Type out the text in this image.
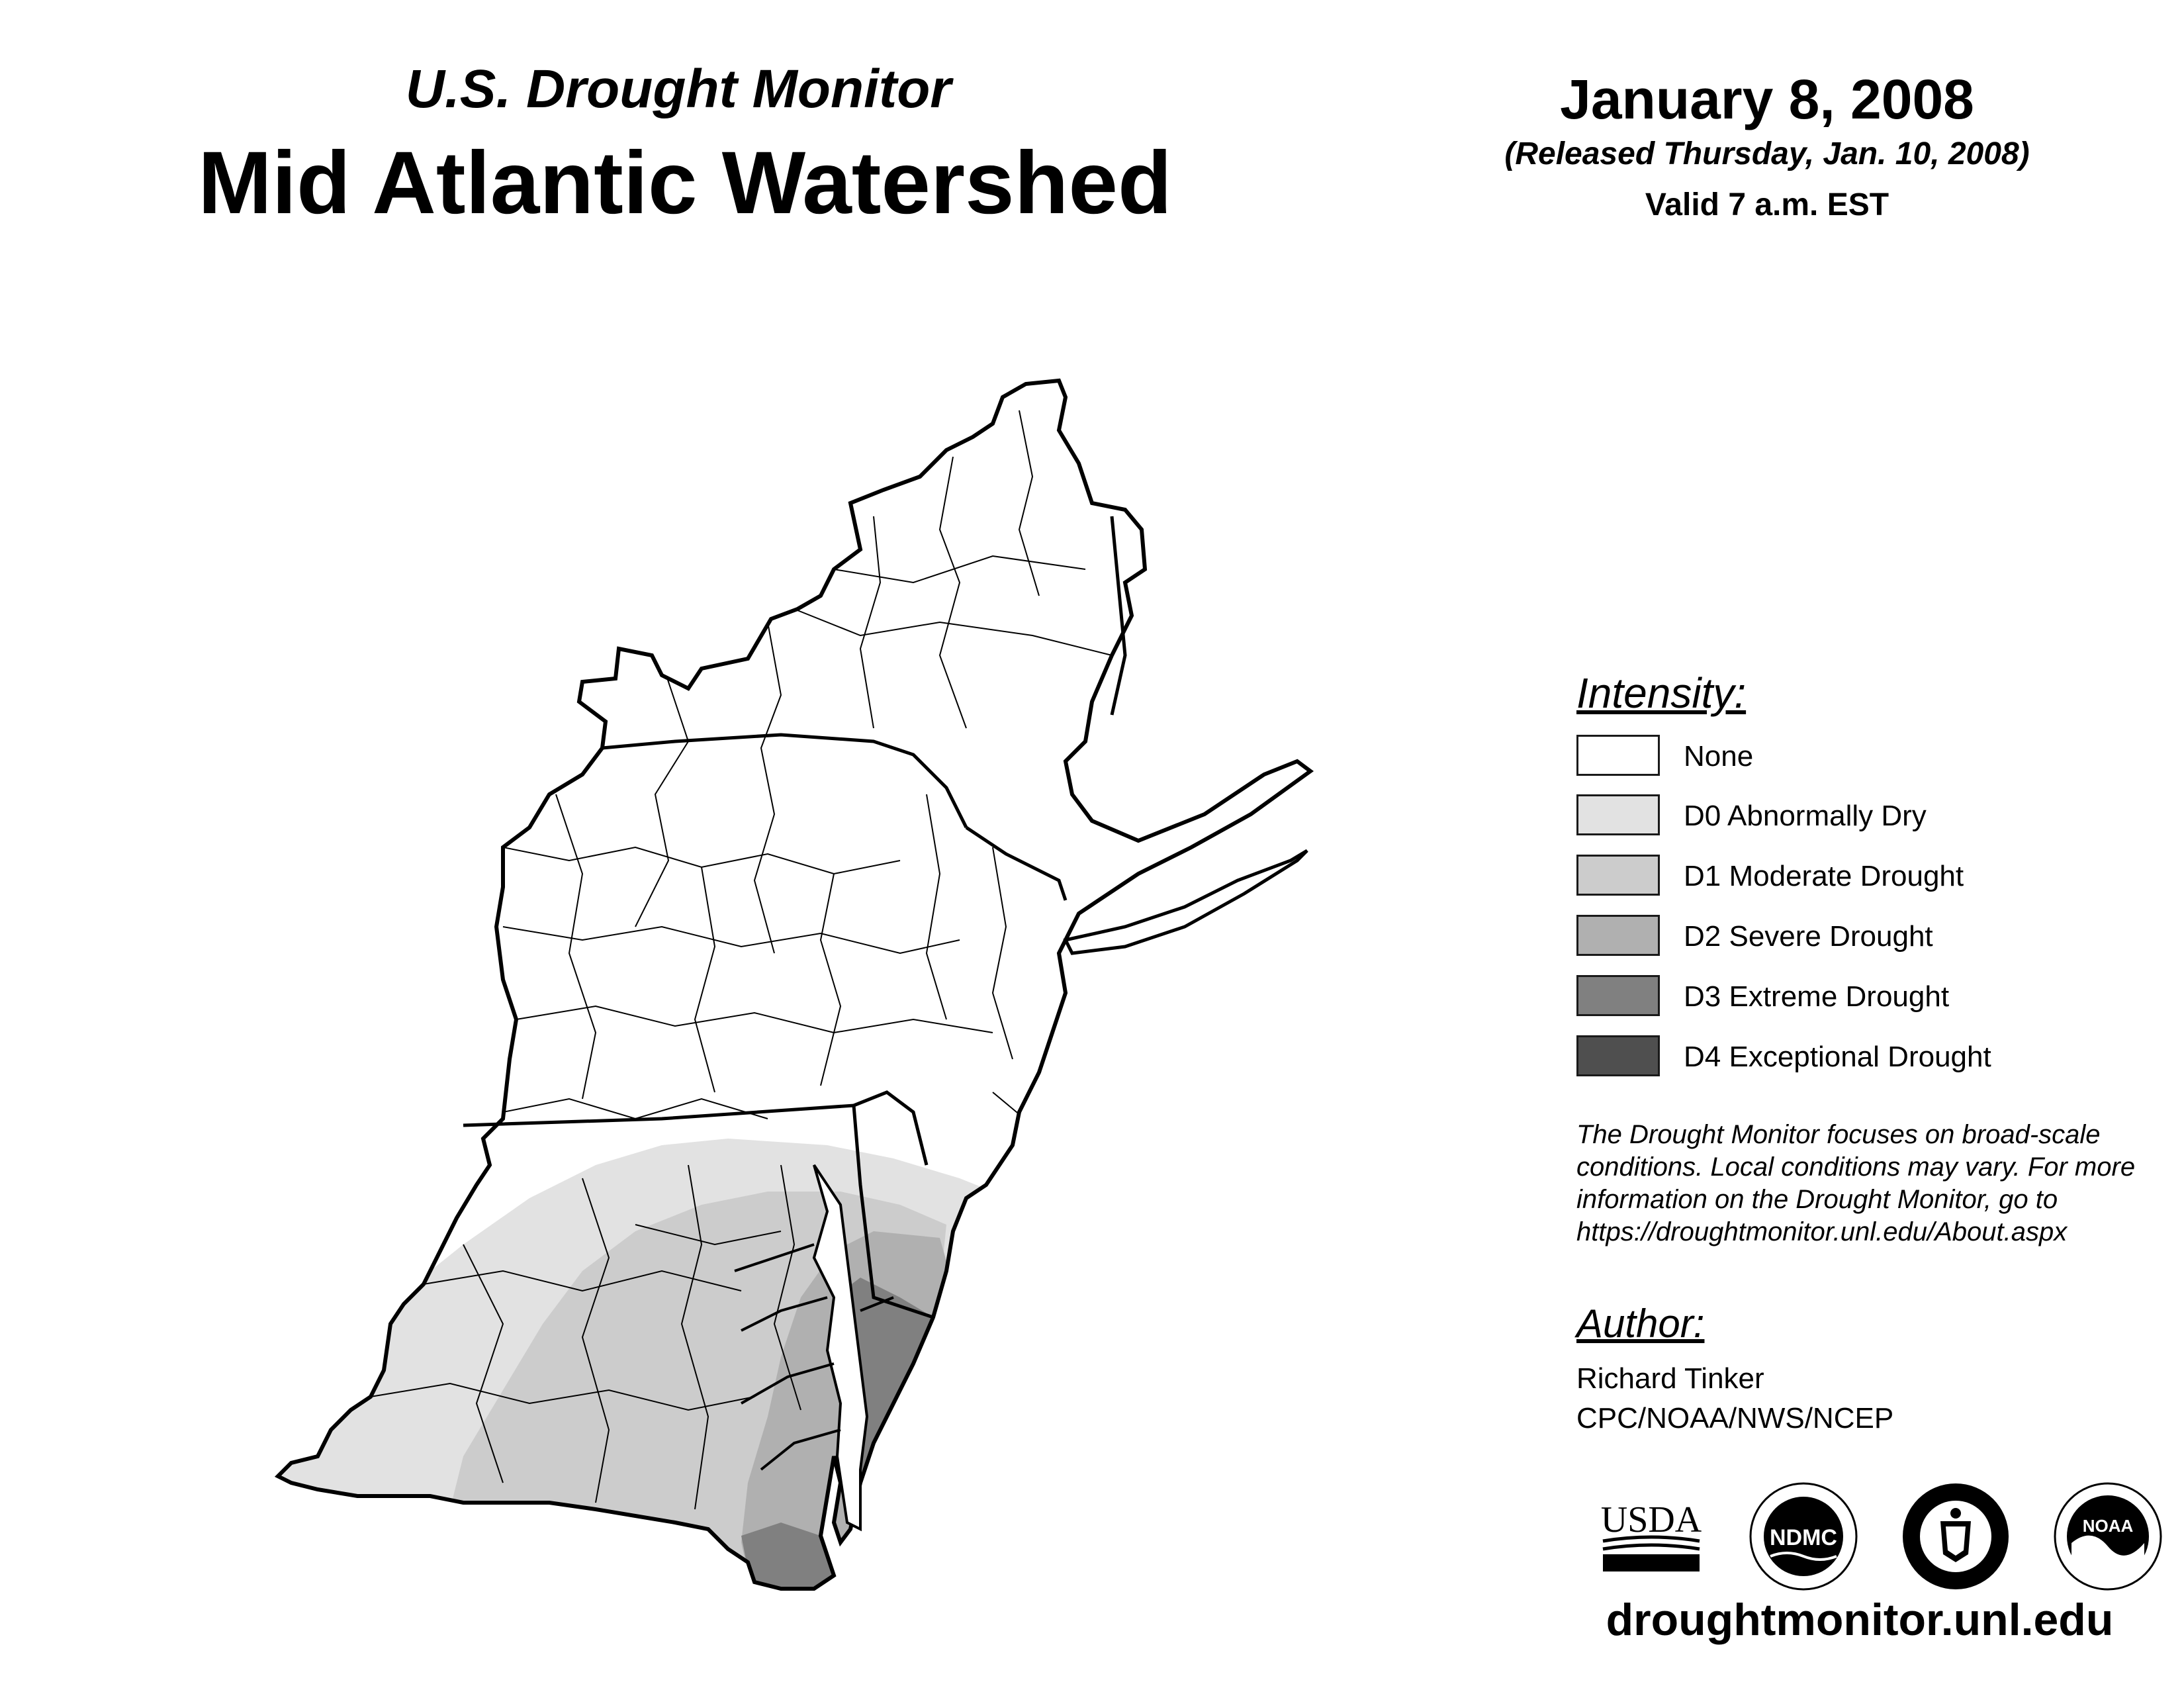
U.S. Drought Monitor
Mid Atlantic Watershed
January 8, 2008
(Released Thursday, Jan. 10, 2008)
Valid 7 a.m. EST
Intensity:
None
D0 Abnormally Dry
D1 Moderate Drought
D2 Severe Drought
D3 Extreme Drought
D4 Exceptional Drought
The Drought Monitor focuses on broad-scale conditions. Local conditions may vary. For more information on the Drought Monitor, go to https://droughtmonitor.unl.edu/About.aspx
Author:
Richard Tinker
CPC/NOAA/NWS/NCEP
USDA	NDMC	NOAA
droughtmonitor.unl.edu
